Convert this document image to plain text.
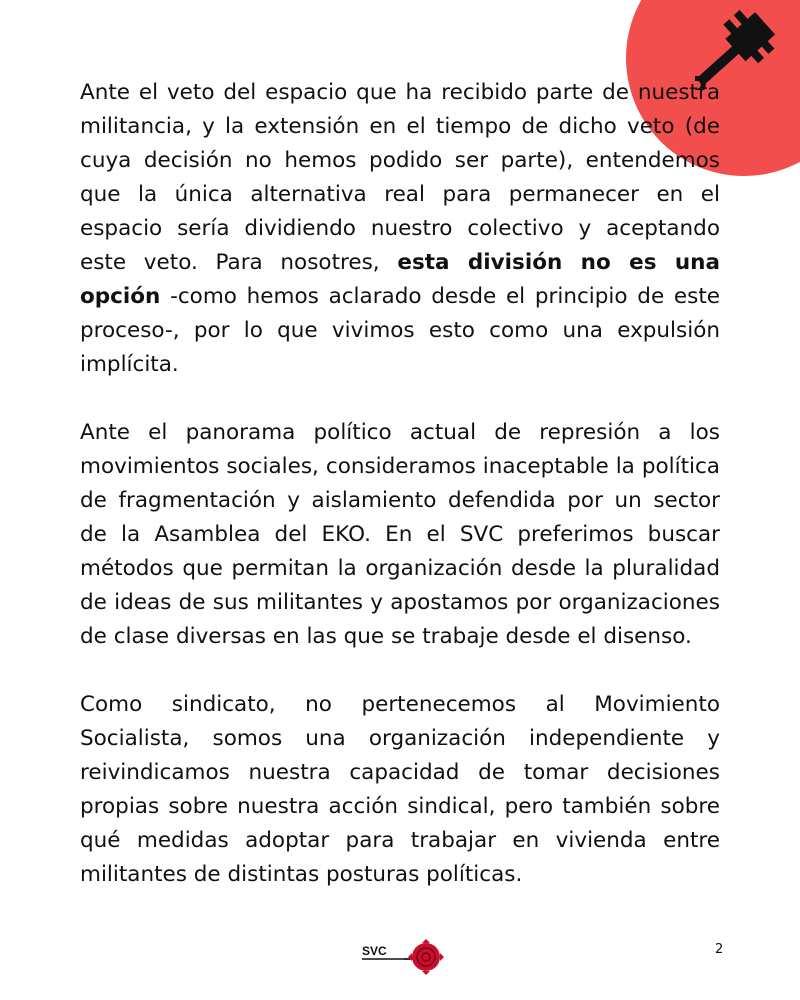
Ante el veto del espacio que ha recibido parte de nuestra militancia, y la extensión en el tiempo de dicho veto (de cuya decisión no hemos podido ser parte), entendemos que la única alternativa real para permanecer en el espacio sería dividiendo nuestro colectivo y aceptando este veto. Para nosotres, esta división no es una opción -como hemos aclarado desde el principio de este proceso-, por lo que vivimos esto como una expulsión implícita.

Ante el panorama político actual de represión a los movimientos sociales, consideramos inaceptable la política de fragmentación y aislamiento defendida por un sector de la Asamblea del EKO. En el SVC preferimos buscar métodos que permitan la organización desde la pluralidad de ideas de sus militantes y apostamos por organizaciones de clase diversas en las que se trabaje desde el disenso.

Como sindicato, no pertenecemos al Movimiento Socialista, somos una organización independiente y reivindicamos nuestra capacidad de tomar decisiones propias sobre nuestra acción sindical, pero también sobre qué medidas adoptar para trabajar en vivienda entre militantes de distintas posturas políticas.

SVC	2
